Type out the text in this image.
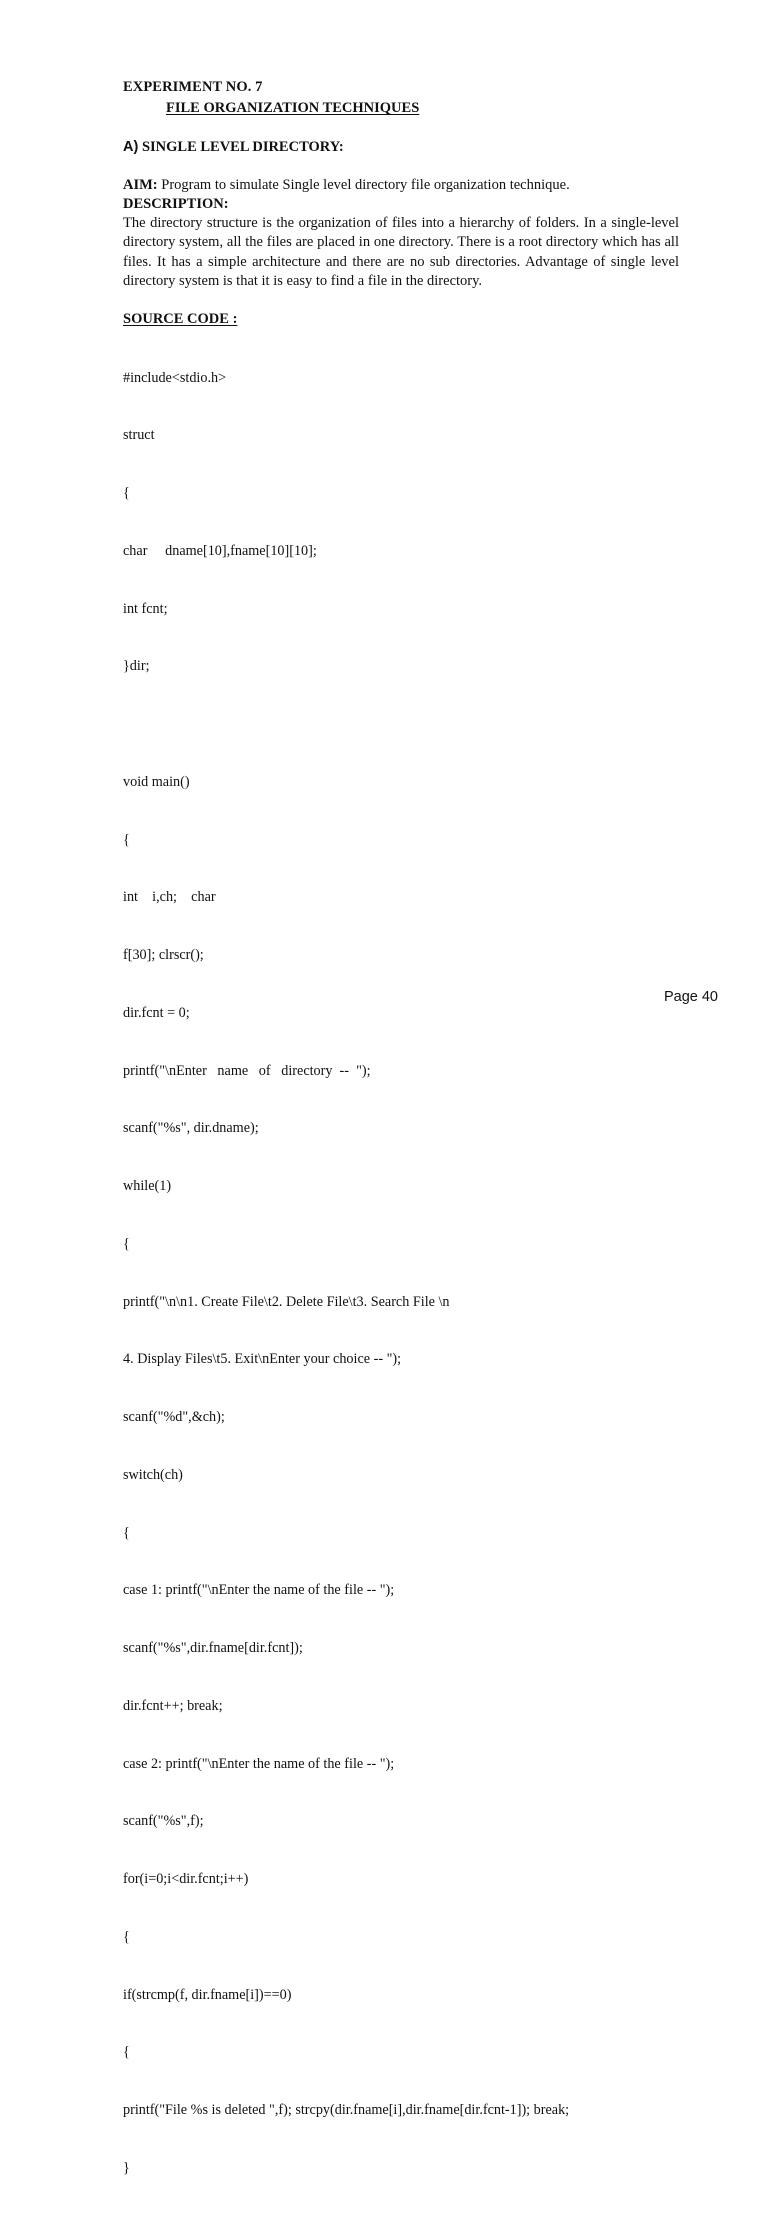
EXPERIMENT NO. 7
FILE ORGANIZATION TECHNIQUES
A) SINGLE LEVEL DIRECTORY:
AIM: Program to simulate Single level directory file organization technique.
DESCRIPTION:
The directory structure is the organization of files into a hierarchy of folders. In a single-level directory system, all the files are placed in one directory. There is a root directory which has all files. It has a simple architecture and there are no sub directories. Advantage of single level directory system is that it is easy to find a file in the directory.
SOURCE CODE :

#include<stdio.h>

struct

{

char     dname[10],fname[10][10];

int fcnt;

}dir;

void main()

{

int    i,ch;    char

f[30]; clrscr();

dir.fcnt = 0;

printf("\nEnter   name   of   directory  --  ");

scanf("%s", dir.dname);

while(1)

{

printf("\n\n1. Create File\t2. Delete File\t3. Search File \n

4. Display Files\t5. Exit\nEnter your choice -- ");

scanf("%d",&ch);

switch(ch)

{

case 1: printf("\nEnter the name of the file -- ");

scanf("%s",dir.fname[dir.fcnt]);

dir.fcnt++; break;

case 2: printf("\nEnter the name of the file -- ");

scanf("%s",f);

for(i=0;i<dir.fcnt;i++)

{

if(strcmp(f, dir.fname[i])==0)

{

printf("File %s is deleted ",f); strcpy(dir.fname[i],dir.fname[dir.fcnt-1]); break;

}

Page 40
